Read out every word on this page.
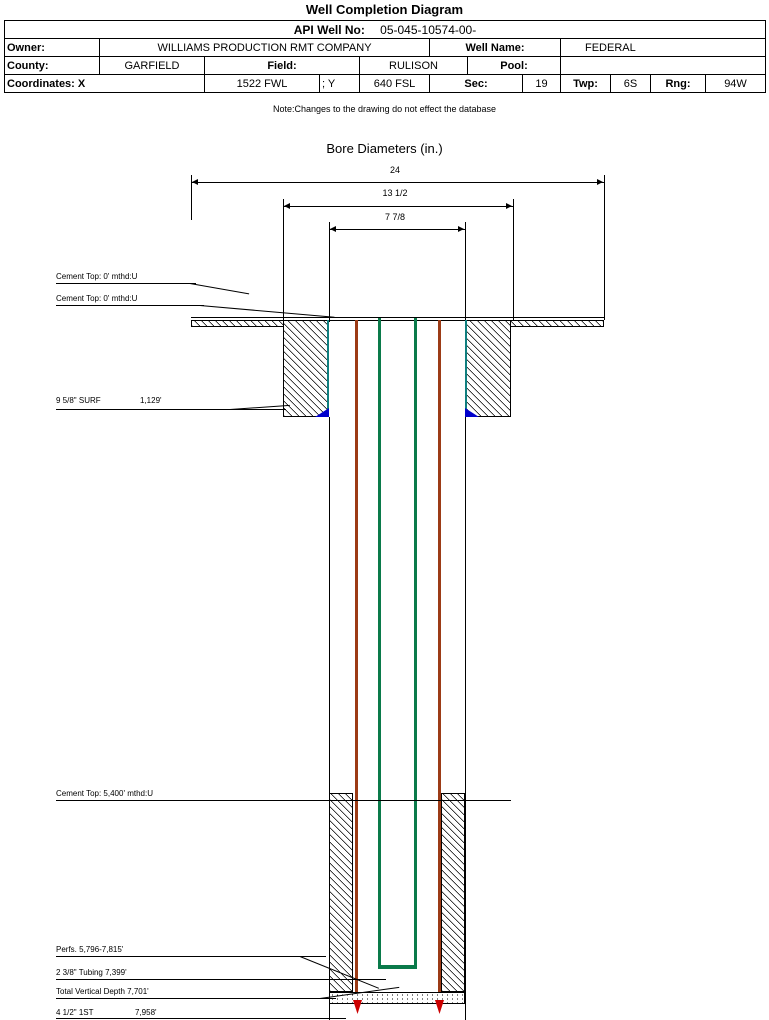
Well Completion Diagram
API Well No: 05-045-10574-00-											
Owner:	WILLIAMS PRODUCTION RMT COMPANY				Well Name:			FEDERAL			
County:	GARFIELD	Field:		RULISON		Pool:					
Coordinates: X		1522 FWL	; Y	640 FSL	Sec:		19	Twp:	6S	Rng:	94W
Note:Changes to the drawing do not effect the database
Bore Diameters (in.)
24
13 1/2
7 7/8
Cement Top: 0' mthd:U
Cement Top: 0' mthd:U
9 5/8" SURF	1,129'
Cement Top: 5,400' mthd:U
Perfs. 5,796-7,815'
2 3/8" Tubing 7,399'
Total Vertical Depth 7,701'
4 1/2" 1ST	7,958'
